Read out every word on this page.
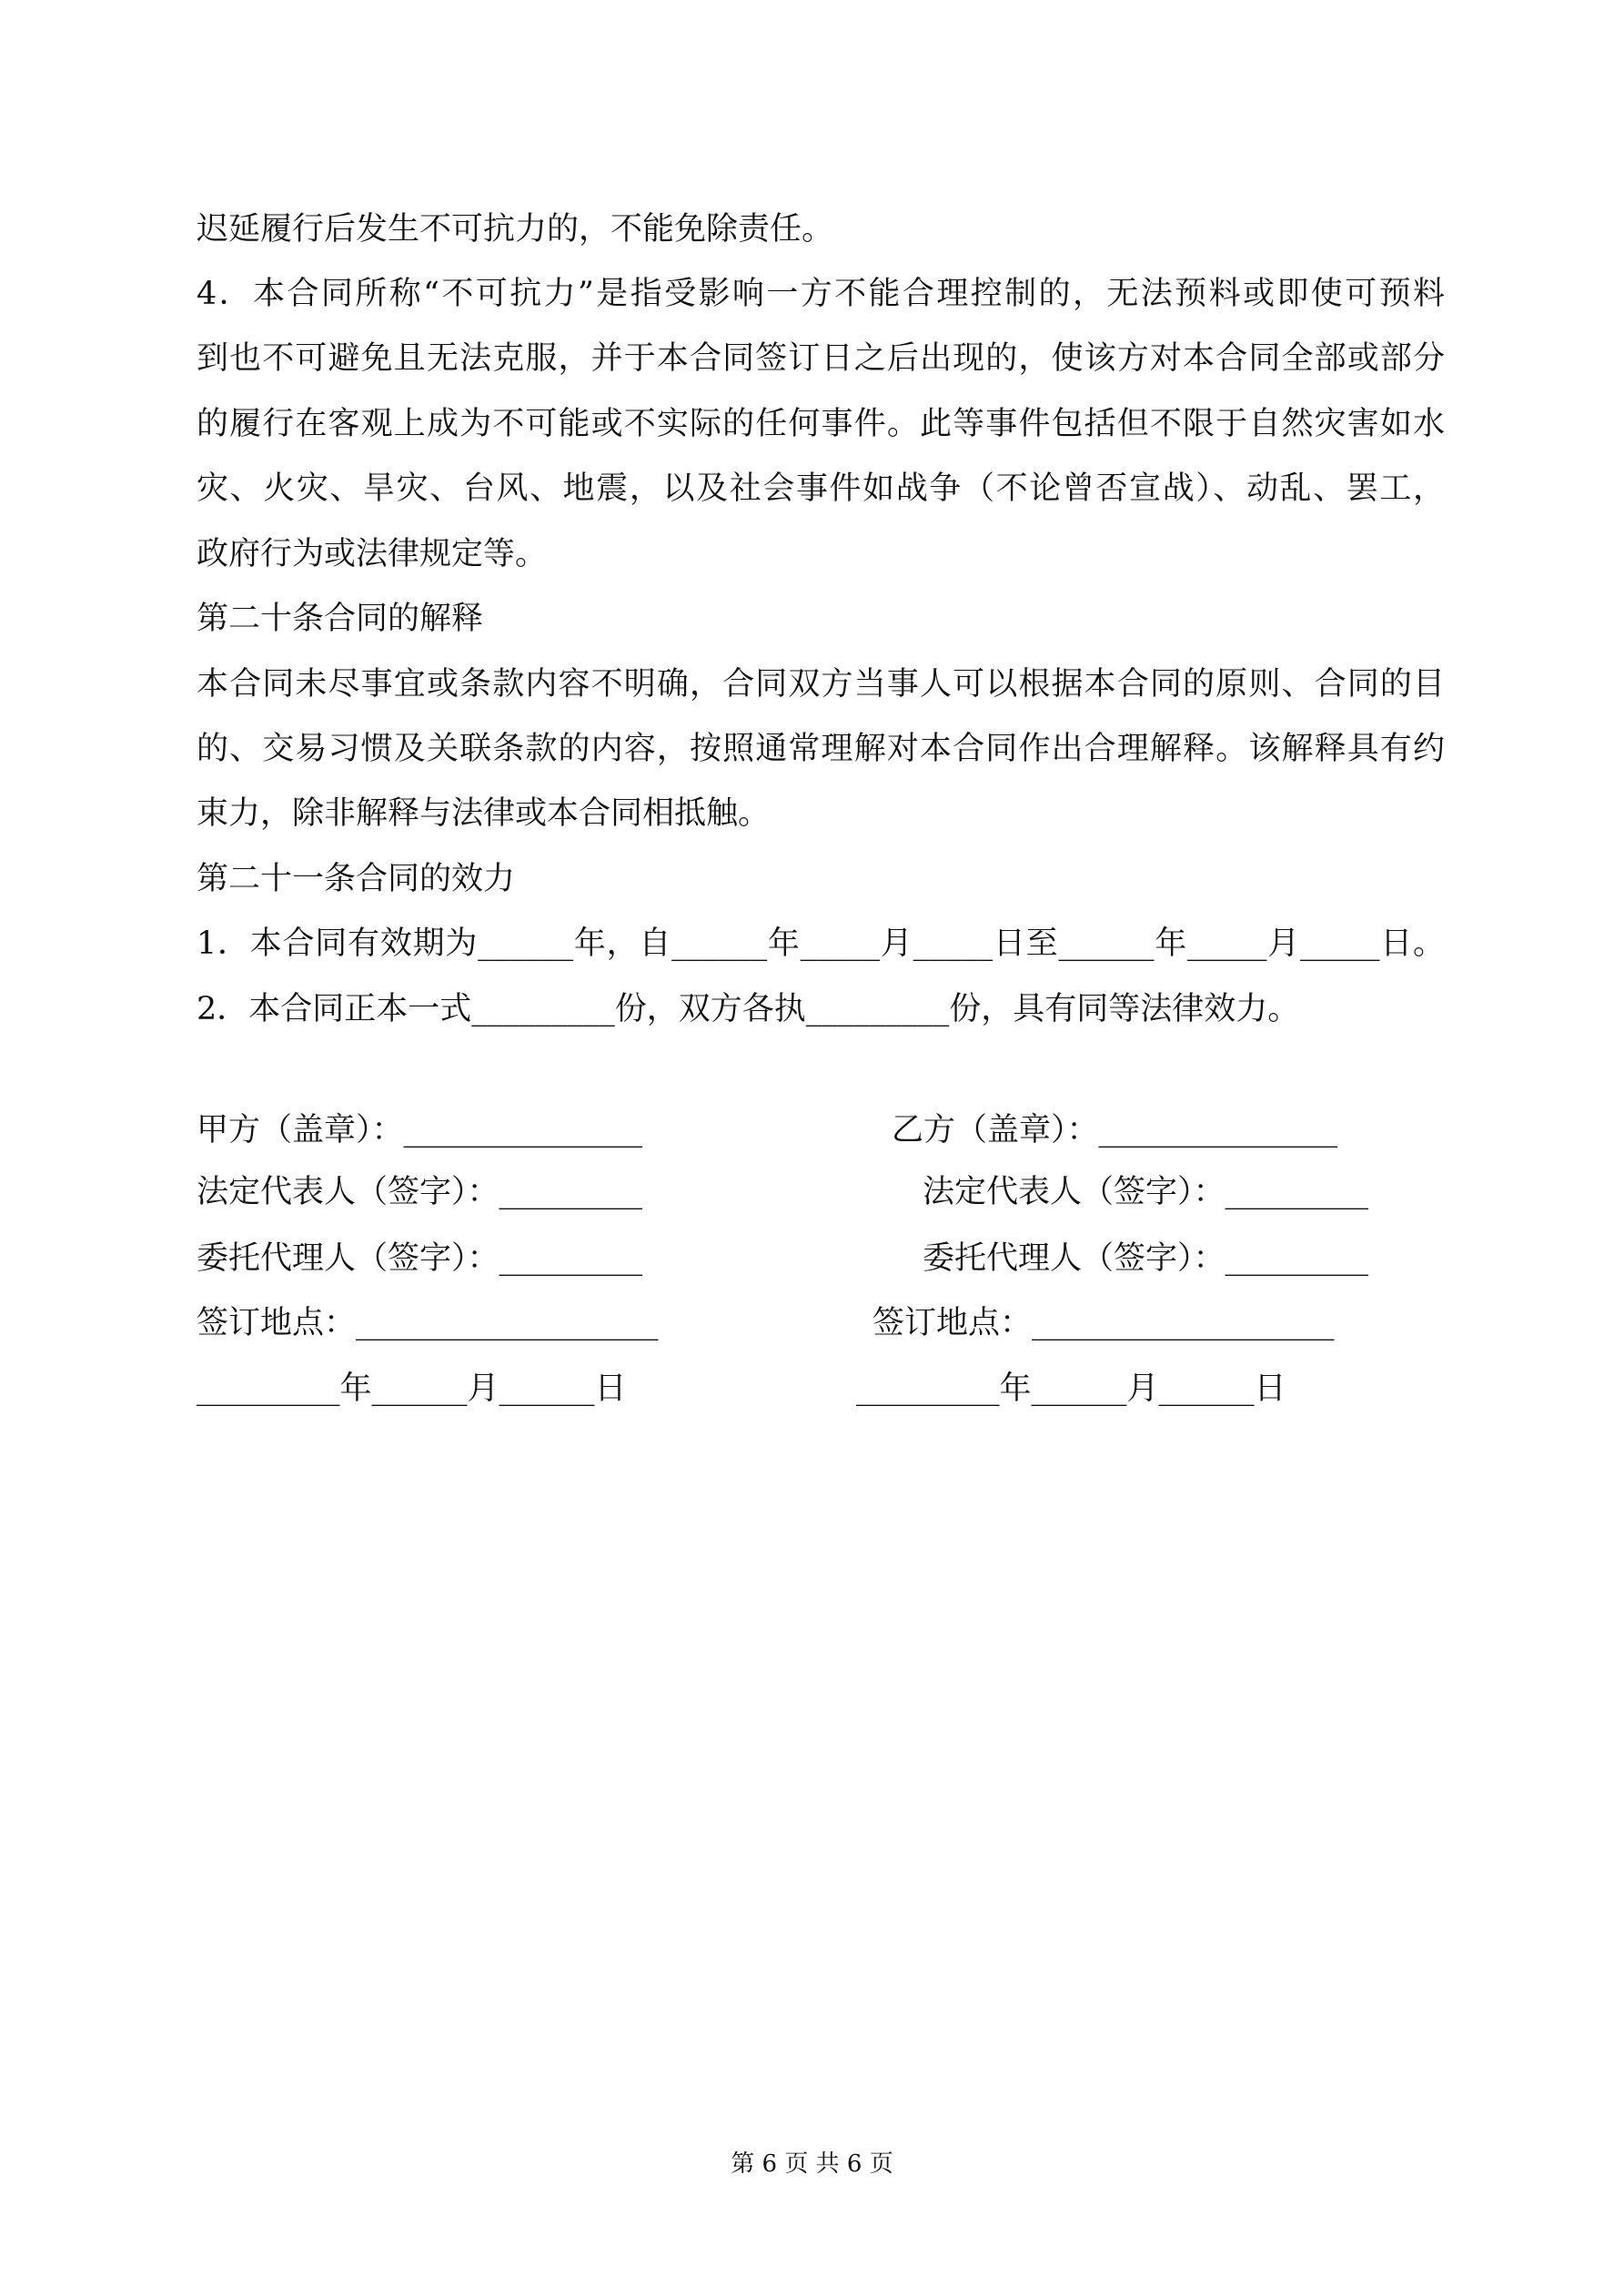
迟延履行后发生不可抗力的，不能免除责任。
4．本合同所称“不可抗力”是指受影响一方不能合理控制的，无法预料或即使可预料
到也不可避免且无法克服，并于本合同签订日之后出现的，使该方对本合同全部或部分
的履行在客观上成为不可能或不实际的任何事件。此等事件包括但不限于自然灾害如水
灾、火灾、旱灾、台风、地震，以及社会事件如战争（不论曾否宣战）、动乱、罢工，
政府行为或法律规定等。
第二十条合同的解释
本合同未尽事宜或条款内容不明确，合同双方当事人可以根据本合同的原则、合同的目
的、交易习惯及关联条款的内容，按照通常理解对本合同作出合理解释。该解释具有约
束力，除非解释与法律或本合同相抵触。
第二十一条合同的效力
1．本合同有效期为______年，自______年_____月_____日至______年_____月_____日。
2．本合同正本一式_________份，双方各执_________份，具有同等法律效力。
甲方（盖章）：_______________
法定代表人（签字）：_________
委托代理人（签字）：_________
签订地点：___________________
_________年______月______日
乙方（盖章）：_______________
法定代表人（签字）：_________
委托代理人（签字）：_________
签订地点：___________________
_________年______月______日
第 6 页 共 6 页
